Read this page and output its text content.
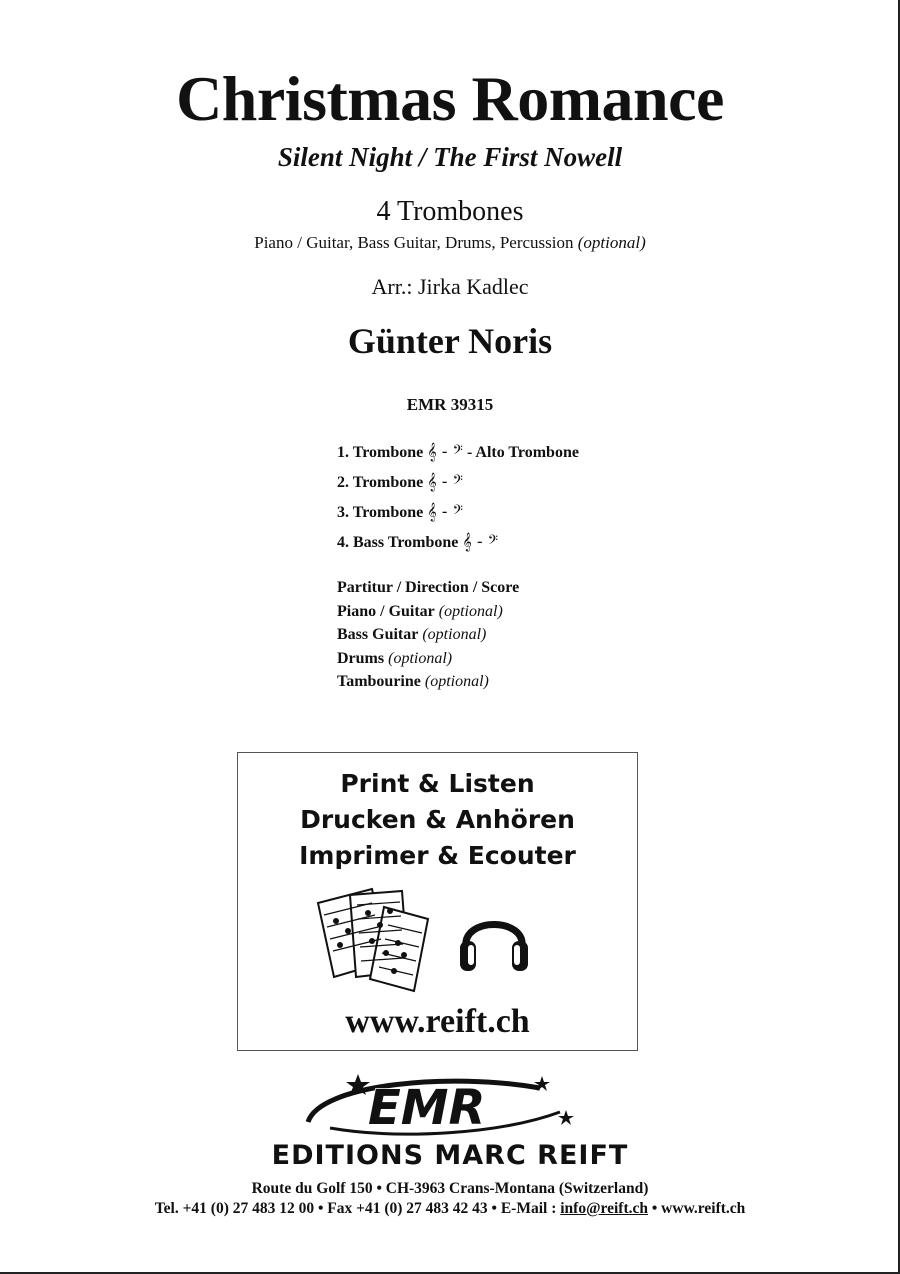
Christmas Romance
Silent Night / The First Nowell
4 Trombones
Piano / Guitar, Bass Guitar, Drums, Percussion (optional)
Arr.: Jirka Kadlec
Günter Noris
EMR 39315
1. Trombone 𝄞 - 𝄢 - Alto Trombone
2. Trombone 𝄞 - 𝄢
3. Trombone 𝄞 - 𝄢
4. Bass Trombone 𝄞 - 𝄢
Partitur / Direction / Score
Piano / Guitar (optional)
Bass Guitar (optional)
Drums (optional)
Tambourine (optional)
Print & Listen
Drucken & Anhören
Imprimer & Ecouter
www.reift.ch
EMR
EDITIONS MARC REIFT
Route du Golf 150 • CH-3963 Crans-Montana (Switzerland)
Tel. +41 (0) 27 483 12 00 • Fax +41 (0) 27 483 42 43 • E-Mail : info@reift.ch • www.reift.ch
